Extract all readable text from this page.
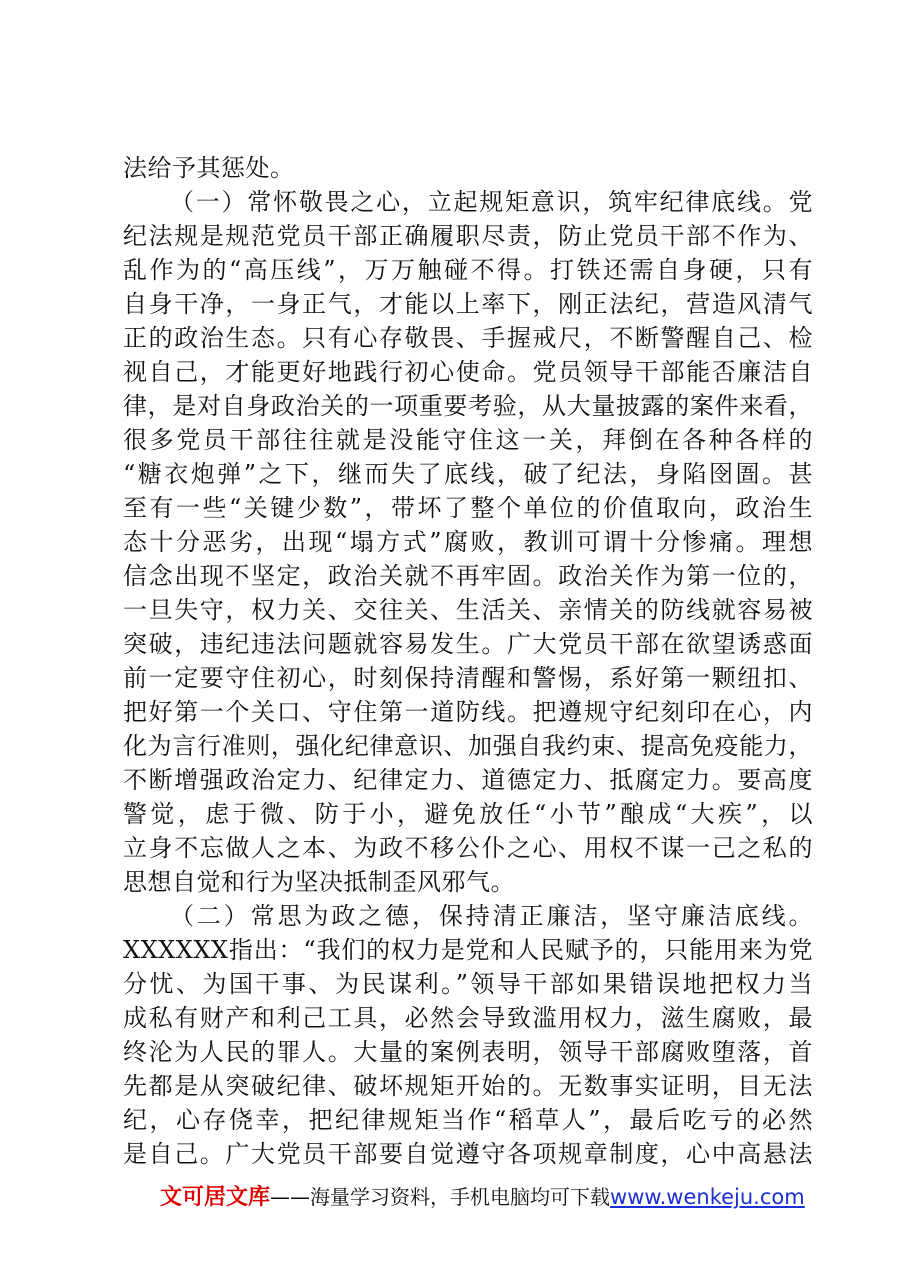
法给予其惩处。
（一）常怀敬畏之心，立起规矩意识，筑牢纪律底线。党
纪法规是规范党员干部正确履职尽责，防止党员干部不作为、
乱作为的“高压线”，万万触碰不得。打铁还需自身硬，只有
自身干净，一身正气，才能以上率下，刚正法纪，营造风清气
正的政治生态。只有心存敬畏、手握戒尺，不断警醒自己、检
视自己，才能更好地践行初心使命。党员领导干部能否廉洁自
律，是对自身政治关的一项重要考验，从大量披露的案件来看，
很多党员干部往往就是没能守住这一关，拜倒在各种各样的
“糖衣炮弹”之下，继而失了底线，破了纪法，身陷囹圄。甚
至有一些“关键少数”，带坏了整个单位的价值取向，政治生
态十分恶劣，出现“塌方式”腐败，教训可谓十分惨痛。理想
信念出现不坚定，政治关就不再牢固。政治关作为第一位的，
一旦失守，权力关、交往关、生活关、亲情关的防线就容易被
突破，违纪违法问题就容易发生。广大党员干部在欲望诱惑面
前一定要守住初心，时刻保持清醒和警惕，系好第一颗纽扣、
把好第一个关口、守住第一道防线。把遵规守纪刻印在心，内
化为言行准则，强化纪律意识、加强自我约束、提高免疫能力，
不断增强政治定力、纪律定力、道德定力、抵腐定力。要高度
警觉，虑于微、防于小，避免放任“小节”酿成“大疾”，以
立身不忘做人之本、为政不移公仆之心、用权不谋一己之私的
思想自觉和行为坚决抵制歪风邪气。
（二）常思为政之德，保持清正廉洁，坚守廉洁底线。
XXXXXX指出：“我们的权力是党和人民赋予的，只能用来为党
分忧、为国干事、为民谋利。”领导干部如果错误地把权力当
成私有财产和利己工具，必然会导致滥用权力，滋生腐败，最
终沦为人民的罪人。大量的案例表明，领导干部腐败堕落，首
先都是从突破纪律、破坏规矩开始的。无数事实证明，目无法
纪，心存侥幸，把纪律规矩当作“稻草人”，最后吃亏的必然
是自己。广大党员干部要自觉遵守各项规章制度，心中高悬法
文可居文库——海量学习资料，手机电脑均可下载www.wenkeju.com
